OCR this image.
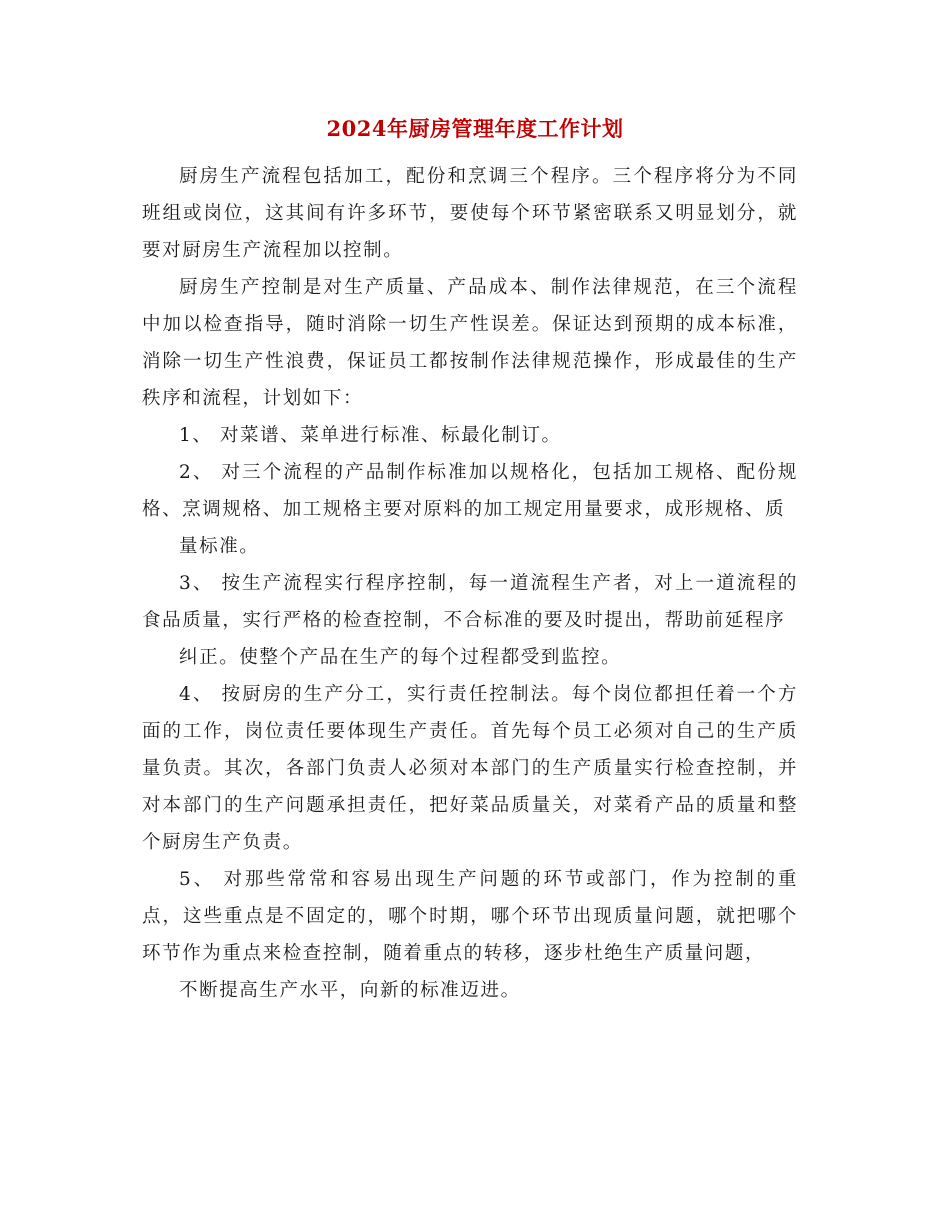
2024年厨房管理年度工作计划

厨房生产流程包括加工，配份和烹调三个程序。三个程序将分为不同班组或岗位，这其间有许多环节，要使每个环节紧密联系又明显划分，就要对厨房生产流程加以控制。

厨房生产控制是对生产质量、产品成本、制作法律规范，在三个流程中加以检查指导，随时消除一切生产性误差。保证达到预期的成本标准，消除一切生产性浪费，保证员工都按制作法律规范操作，形成最佳的生产秩序和流程，计划如下：

1、 对菜谱、菜单进行标准、标最化制订。

2、 对三个流程的产品制作标准加以规格化，包括加工规格、配份规格、烹调规格、加工规格主要对原料的加工规定用量要求，成形规格、质

量标准。

3、 按生产流程实行程序控制，每一道流程生产者，对上一道流程的食品质量，实行严格的检查控制，不合标准的要及时提出，帮助前延程序

纠正。使整个产品在生产的每个过程都受到监控。

4、 按厨房的生产分工，实行责任控制法。每个岗位都担任着一个方面的工作，岗位责任要体现生产责任。首先每个员工必须对自己的生产质量负责。其次，各部门负责人必须对本部门的生产质量实行检查控制，并对本部门的生产问题承担责任，把好菜品质量关，对菜肴产品的质量和整个厨房生产负责。

5、 对那些常常和容易出现生产问题的环节或部门，作为控制的重点，这些重点是不固定的，哪个时期，哪个环节出现质量问题，就把哪个环节作为重点来检查控制，随着重点的转移，逐步杜绝生产质量问题，

不断提高生产水平，向新的标准迈进。
